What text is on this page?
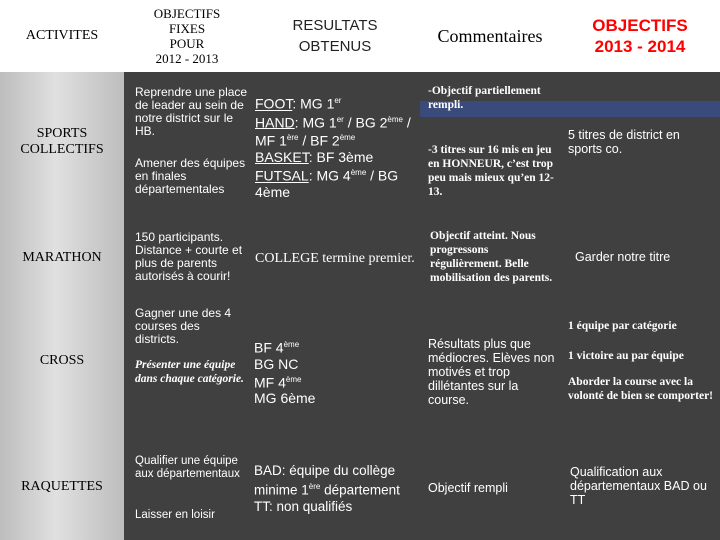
ACTIVITES
OBJECTIFS
FIXES
POUR
2012 - 2013
RESULTATS
OBTENUS
Commentaires	OBJECTIFS
2013 - 2014
SPORTS
COLLECTIFS
Reprendre une place de leader au sein de notre district sur le HB.
Amener des équipes en finales départementales
FOOT: MG 1er
HAND: MG 1er / BG 2ème /
MF 1ère / BF 2ème
BASKET: BF 3ème
FUTSAL: MG 4ème / BG
4ème
-Objectif partiellement rempli.
-3 titres sur 16 mis en jeu en HONNEUR, c’est trop peu mais mieux qu’en 12-13.
5 titres de district en sports co.
MARATHON
150 participants. Distance + courte et plus de parents autorisés à courir!
COLLEGE termine premier.
Objectif atteint. Nous progressons régulièrement. Belle mobilisation des parents.
Garder notre titre
CROSS
Gagner une des 4 courses des districts.
Présenter une équipe dans chaque catégorie.
BF 4ème
BG NC
MF 4ème
MG 6ème
Résultats plus que médiocres. Elèves non motivés et trop dillétantes sur la course.
1 équipe par catégorie
1 victoire au par équipe
Aborder la course avec la volonté de bien se comporter!
RAQUETTES
Qualifier une équipe aux départementaux
Laisser en loisir
BAD: équipe du collège minime 1ère département
TT: non qualifiés
Objectif rempli
Qualification aux départementaux BAD ou TT
